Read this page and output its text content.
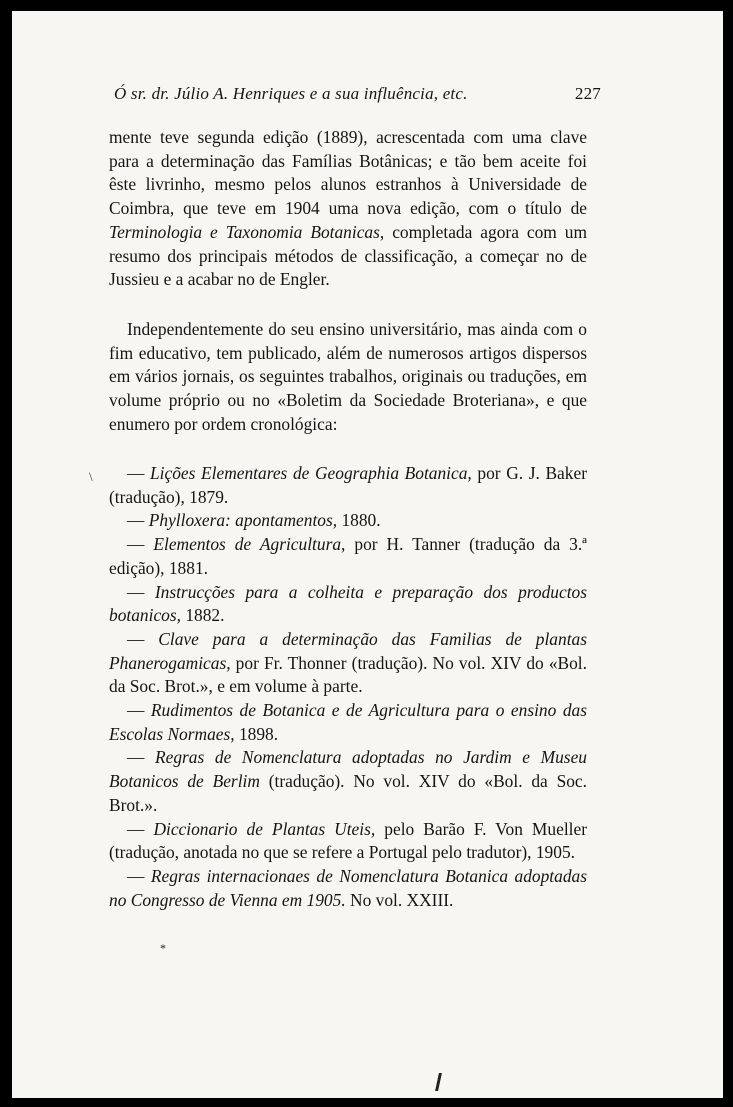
Ó sr. dr. Júlio A. Henriques e a sua influência, etc.	227
mente teve segunda edição (1889), acrescentada com uma clave para a determinação das Famílias Botânicas; e tão bem aceite foi êste livrinho, mesmo pelos alunos estranhos à Universidade de Coimbra, que teve em 1904 uma nova edição, com o título de Terminologia e Taxonomia Botanicas, completada agora com um resumo dos principais métodos de classificação, a começar no de Jussieu e a acabar no de Engler.
Independentemente do seu ensino universitário, mas ainda com o fim educativo, tem publicado, além de numerosos artigos dispersos em vários jornais, os seguintes trabalhos, originais ou traduções, em volume próprio ou no «Boletim da Sociedade Broteriana», e que enumero por ordem cronológica:
\	— Lições Elementares de Geographia Botanica, por G. J. Baker (tradução), 1879.

— Phylloxera: apontamentos, 1880.

— Elementos de Agricultura, por H. Tanner (tradução da 3.ª edição), 1881.

— Instrucções para a colheita e preparação dos productos botanicos, 1882.

— Clave para a determinação das Familias de plantas Phanerogamicas, por Fr. Thonner (tradução). No vol. XIV do «Bol. da Soc. Brot.», e em volume à parte.

— Rudimentos de Botanica e de Agricultura para o ensino das Escolas Normaes, 1898.

— Regras de Nomenclatura adoptadas no Jardim e Museu Botanicos de Berlim (tradução). No vol. XIV do «Bol. da Soc. Brot.».

— Diccionario de Plantas Uteis, pelo Barão F. Von Mueller (tradução, anotada no que se refere a Portugal pelo tradutor), 1905.

— Regras internacionaes de Nomenclatura Botanica adoptadas no Congresso de Vienna em 1905. No vol. XXIII.

*
